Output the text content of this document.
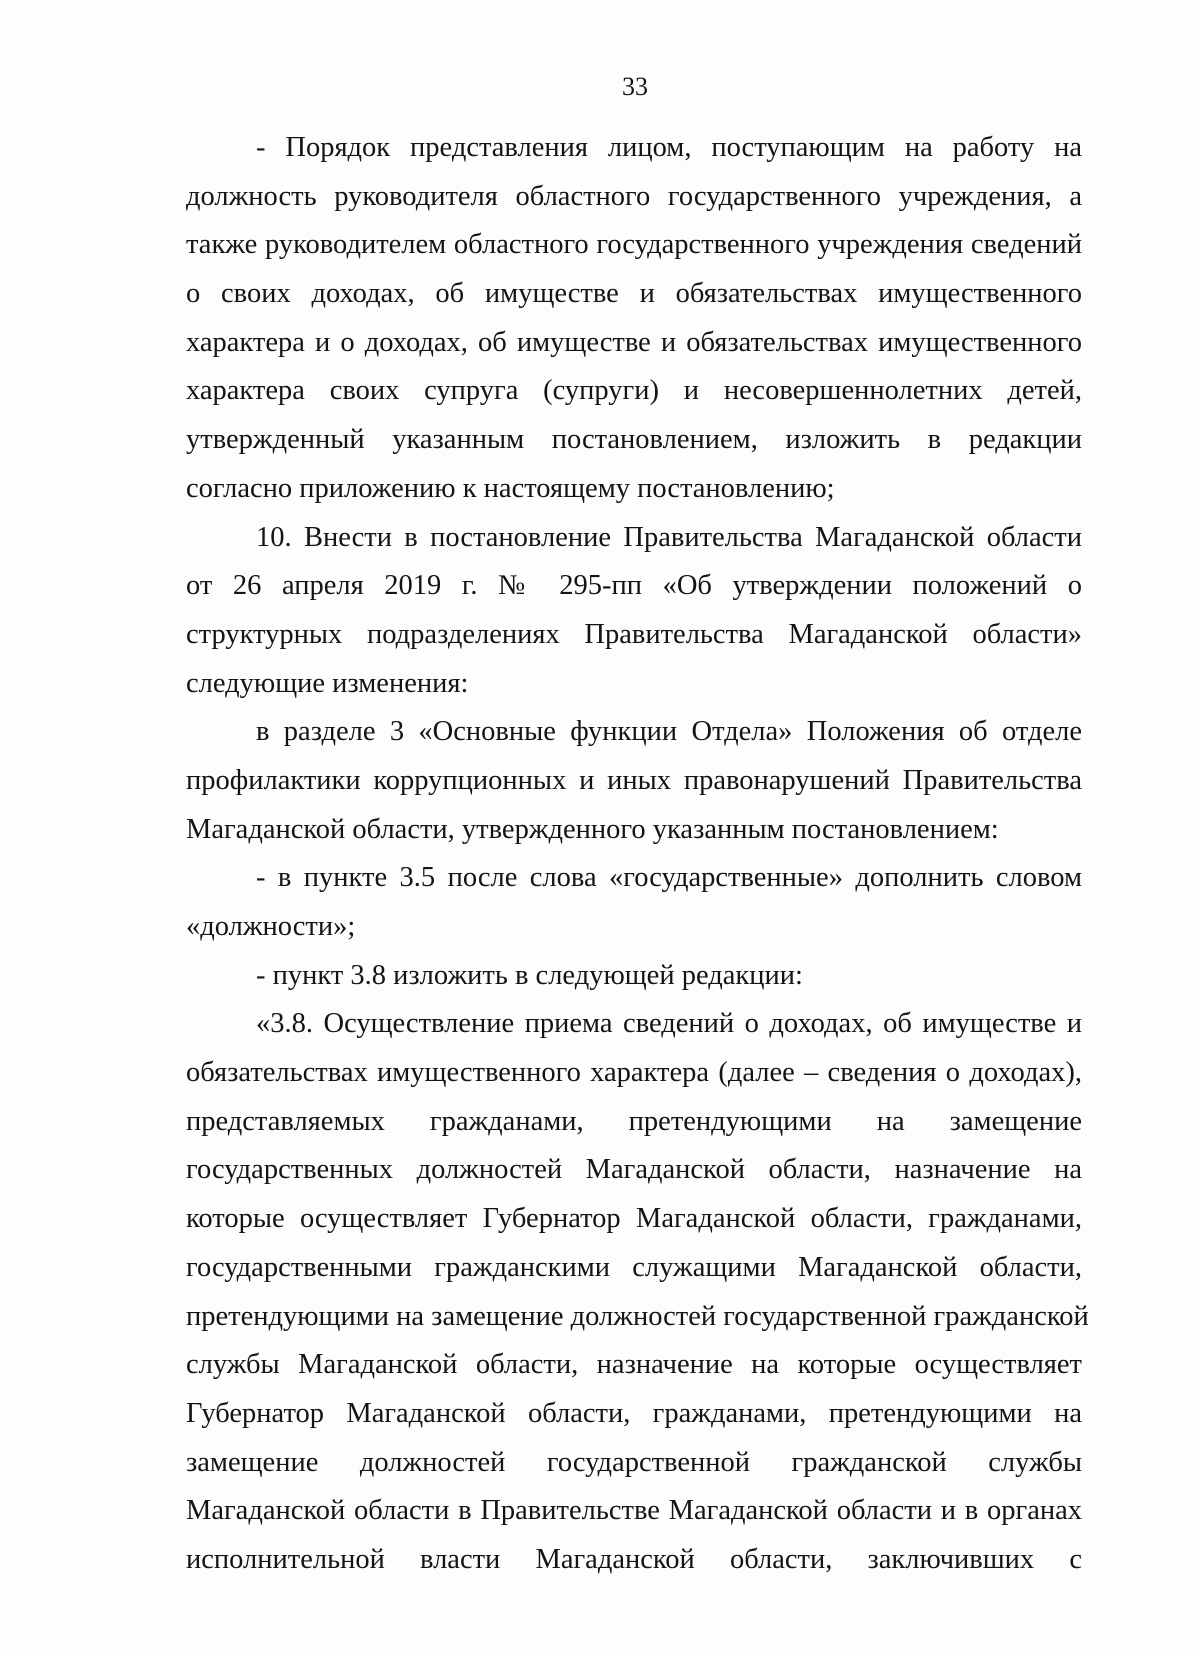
33
- Порядок представления лицом, поступающим на работу на
должность руководителя областного государственного учреждения, а
также руководителем областного государственного учреждения сведений
о своих доходах, об имуществе и обязательствах имущественного
характера и о доходах, об имуществе и обязательствах имущественного
характера своих супруга (супруги) и несовершеннолетних детей,
утвержденный указанным постановлением, изложить в редакции
согласно приложению к настоящему постановлению;
10. Внести в постановление Правительства Магаданской области
от 26 апреля 2019 г. № 295-пп «Об утверждении положений о
структурных подразделениях Правительства Магаданской области»
следующие изменения:
в разделе 3 «Основные функции Отдела» Положения об отделе
профилактики коррупционных и иных правонарушений Правительства
Магаданской области, утвержденного указанным постановлением:
- в пункте 3.5 после слова «государственные» дополнить словом
«должности»;
- пункт 3.8 изложить в следующей редакции:
«3.8. Осуществление приема сведений о доходах, об имуществе и
обязательствах имущественного характера (далее – сведения о доходах),
представляемых гражданами, претендующими на замещение
государственных должностей Магаданской области, назначение на
которые осуществляет Губернатор Магаданской области, гражданами,
государственными гражданскими служащими Магаданской области,
претендующими на замещение должностей государственной гражданской
службы Магаданской области, назначение на которые осуществляет
Губернатор Магаданской области, гражданами, претендующими на
замещение должностей государственной гражданской службы
Магаданской области в Правительстве Магаданской области и в органах
исполнительной власти Магаданской области, заключивших с
